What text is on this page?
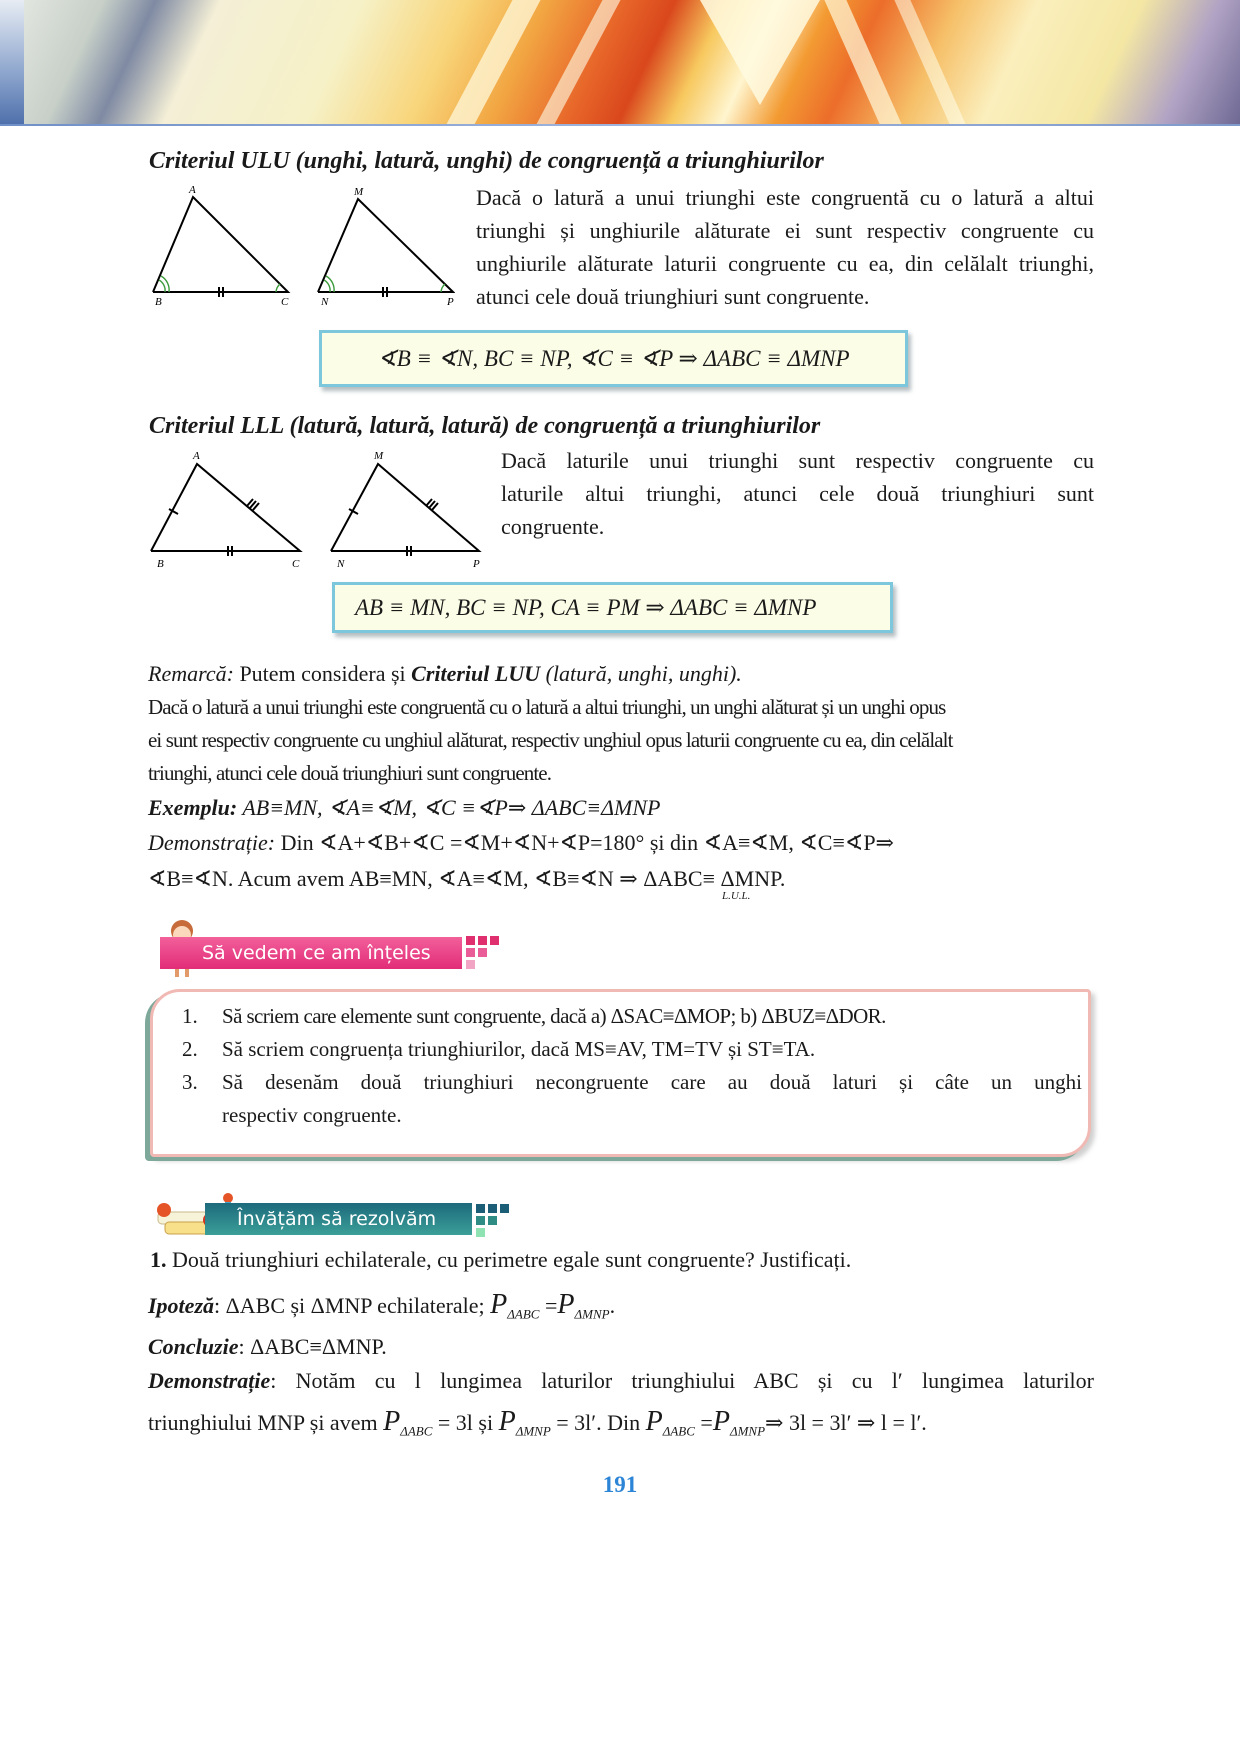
Criteriul ULU (unghi, latură, unghi) de congruență a triunghiurilor
A
B	C
M
N	P
Dacă o latură a unui triunghi este congruentă cu o latură a altui
triunghi și unghiurile alăturate ei sunt respectiv congruente cu
unghiurile alăturate laturii congruente cu ea, din celălalt triunghi,
atunci cele două triunghiuri sunt congruente.
∢B ≡ ∢N, BC ≡ NP, ∢C ≡ ∢P ⇒ ΔABC ≡ ΔMNP
Criteriul LLL (latură, latură, latură) de congruență a triunghiurilor
A
B	C
M
N	P
Dacă laturile unui triunghi sunt respectiv congruente cu
laturile altui triunghi, atunci cele două triunghiuri sunt
congruente.
AB ≡ MN, BC ≡ NP, CA ≡ PM ⇒ ΔABC ≡ ΔMNP
Remarcă: Putem considera și Criteriul LUU (latură, unghi, unghi).
Dacă o latură a unui triunghi este congruentă cu o latură a altui triunghi, un unghi alăturat și un unghi opus
ei sunt respectiv congruente cu unghiul alăturat, respectiv unghiul opus laturii congruente cu ea, din celălalt
triunghi, atunci cele două triunghiuri sunt congruente.
Exemplu: AB≡MN, ∢A≡∢M, ∢C ≡∢P⇒ ΔABC≡ΔMNP
Demonstrație: Din ∢A+∢B+∢C =∢M+∢N+∢P=180° și din ∢A≡∢M, ∢C≡∢P⇒
∢B≡∢N. Acum avem AB≡MN, ∢A≡∢M, ∢B≡∢N ⇒ ΔABC≡ ΔMNP.
L.U.L.
Să vedem ce am înțeles
1.	Să scriem care elemente sunt congruente, dacă a) ΔSAC≡ΔMOP; b) ΔBUZ≡ΔDOR.
2.	Să scriem congruența triunghiurilor, dacă MS≡AV, TM=TV și ST≡TA.
3.	Să desenăm două triunghiuri necongruente care au două laturi și câte un unghi
respectiv congruente.
Învățăm să rezolvăm
1. Două triunghiuri echilaterale, cu perimetre egale sunt congruente? Justificați.
Ipoteză: ΔABC și ΔMNP echilaterale; $P_{\Delta ABC} =P_{\Delta MNP}$.
Concluzie: ΔABC≡ΔMNP.
Demonstrație: Notăm cu l lungimea laturilor triunghiului ABC și cu l′ lungimea laturilor
triunghiului MNP și avem $P_{\Delta ABC} = 3l$ și $P_{\Delta MNP} = 3l'$. Din $P_{\Delta ABC}$ $=P_{\Delta MNP}\Rightarrow$ 3l = 3l′ ⇒ l = l′.
191
